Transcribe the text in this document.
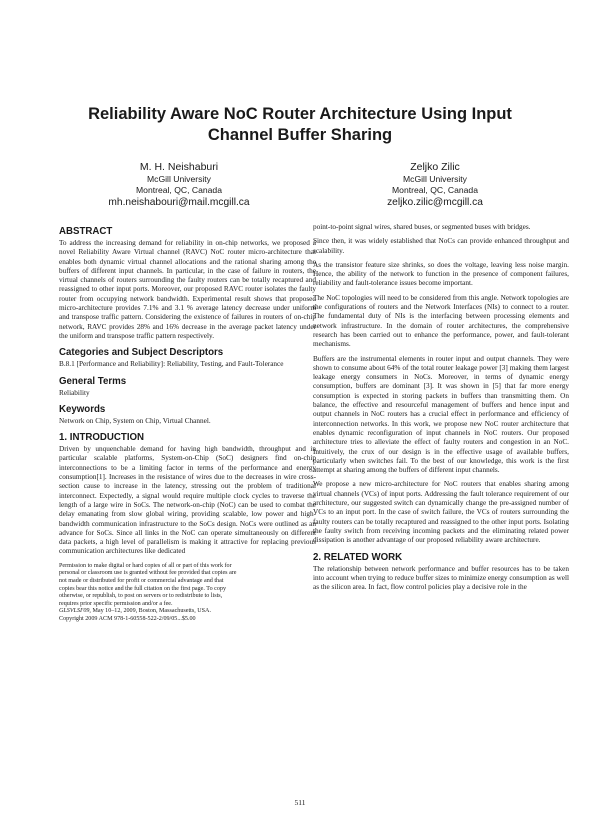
Reliability Aware NoC Router Architecture Using Input
Channel Buffer Sharing
M. H. Neishaburi
McGill University
Montreal, QC, Canada
mh.neishabouri@mail.mcgill.ca
Zeljko Zilic
McGill University
Montreal, QC, Canada
zeljko.zilic@mcgill.ca
ABSTRACT

To address the increasing demand for reliability in on-chip networks, we proposed a novel Reliability Aware Virtual channel (RAVC) NoC router micro-architecture that enables both dynamic virtual channel allocations and the rational sharing among the buffers of different input channels. In particular, in the case of failure in routers, the virtual channels of routers surrounding the faulty routers can be totally recaptured and reassigned to other input ports. Moreover, our proposed RAVC router isolates the faulty router from occupying network bandwidth. Experimental result shows that proposed micro-architecture provides 7.1% and 3.1 % average latency decrease under uniform and transpose traffic pattern. Considering the existence of failures in routers of on-chip network, RAVC provides 28% and 16% decrease in the average packet latency under the uniform and transpose traffic pattern respectively.

Categories and Subject Descriptors

B.8.1 [Performance and Reliability]: Reliability, Testing, and Fault-Tolerance

General Terms

Reliability

Keywords

Network on Chip, System on Chip, Virtual Channel.

1. INTRODUCTION

Driven by unquenchable demand for having high bandwidth, throughput and in particular scalable platforms, System-on-Chip (SoC) designers find on-chip interconnections to be a limiting factor in terms of the performance and energy consumption[1]. Increases in the resistance of wires due to the decreases in wire cross-section cause to increase in the latency, stressing out the problem of traditional interconnect. Expectedly, a signal would require multiple clock cycles to traverse the length of a large wire in SoCs. The network-on-chip (NoC) can be used to combat the delay emanating from slow global wiring, providing scalable, low power and high-bandwidth communication infrastructure to the SoCs design. NoCs were outlined as an advance for SoCs. Since all links in the NoC can operate simultaneously on different data packets, a high level of parallelism is making it attractive for replacing previous communication architectures like dedicated

Permission to make digital or hard copies of all or part of this work for
personal or classroom use is granted without fee provided that copies are
not made or distributed for profit or commercial advantage and that
copies bear this notice and the full citation on the first page. To copy
otherwise, or republish, to post on servers or to redistribute to lists,
requires prior specific permission and/or a fee.
GLSVLSI'09, May 10–12, 2009, Boston, Massachusetts, USA.
Copyright 2009 ACM 978-1-60558-522-2/09/05...$5.00

point-to-point signal wires, shared buses, or segmented buses with bridges.

Since then, it was widely established that NoCs can provide enhanced throughput and scalability.

As the transistor feature size shrinks, so does the voltage, leaving less noise margin. Hence, the ability of the network to function in the presence of component failures, reliability and fault-tolerance issues become important.

The NoC topologies will need to be considered from this angle. Network topologies are the configurations of routers and the Network Interfaces (NIs) to connect to a router. The fundamental duty of NIs is the interfacing between processing elements and network infrastructure. In the domain of router architectures, the comprehensive research has been carried out to enhance the performance, power, and fault-tolerant mechanisms.

Buffers are the instrumental elements in router input and output channels. They were shown to consume about 64% of the total router leakage power [3] making them largest leakage energy consumers in NoCs. Moreover, in terms of dynamic energy consumption, buffers are dominant [3]. It was shown in [5] that far more energy consumption is expected in storing packets in buffers than transmitting them. On balance, the effective and resourceful management of buffers and hence input and output channels in NoC routers has a crucial effect in performance and efficiency of interconnection networks. In this work, we propose new NoC router architecture that enables dynamic reconfiguration of input channels in NoC routers. Our proposed architecture tries to alleviate the effect of faulty routers and congestion in an NoC. Intuitively, the crux of our design is in the effective usage of available buffers, particularly when switches fail. To the best of our knowledge, this work is the first attempt at sharing among the buffers of different input channels.

We propose a new micro-architecture for NoC routers that enables sharing among virtual channels (VCs) of input ports. Addressing the fault tolerance requirement of our architecture, our suggested switch can dynamically change the pre-assigned number of VCs to an input port. In the case of switch failure, the VCs of routers surrounding the faulty routers can be totally recaptured and reassigned to the other input ports. Isolating the faulty switch from receiving incoming packets and the eliminating related power dissipation is another advantage of our proposed reliability aware architecture.

2. RELATED WORK

The relationship between network performance and buffer resources has to be taken into account when trying to reduce buffer sizes to minimize energy consumption as well as the silicon area. In fact, flow control policies play a decisive role in the

511
